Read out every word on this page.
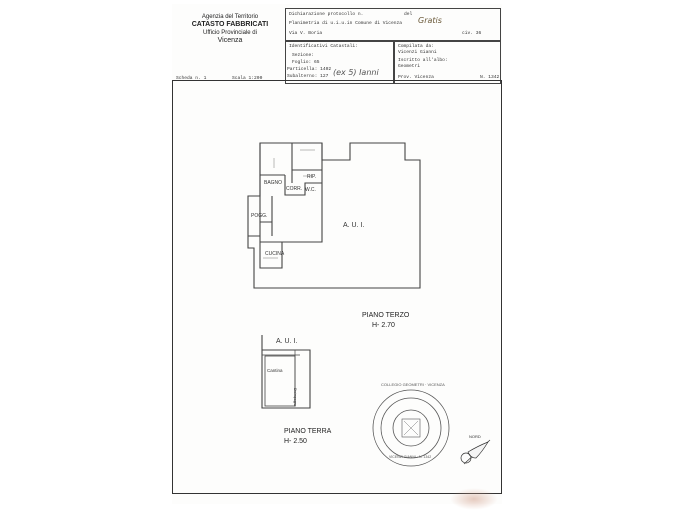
Agenzia del Territorio
CATASTO FABBRICATI
Ufficio Provinciale di
Vicenza
Dichiarazione protocollo n.	del
Planimetria di u.i.u.in Comune di Vicenza Gratis
Via V. Boria	civ. 36
Identificativi Catastali:
Sezione:
Foglio: 65
Particella: 1402
Subalterno: 127 (ex 5) Ianni
Compilata da:
Vicenzi Gianni
Iscritto all'albo:
Geometri
Prov. Vicenza	N. 1342
Scheda n. 1	Scala 1:200
BAGNO
RIP.
CORR. W.C.
POGG.
CUCINA
A. U. I.
A. U. I.
Cantina
Disimpegno
PIANO TERZO
H- 2.70
PIANO TERRA
H- 2.50
NORD
COLLEGIO GEOMETRI · VICENZA
VICENZI GIANNI · N. 1342
